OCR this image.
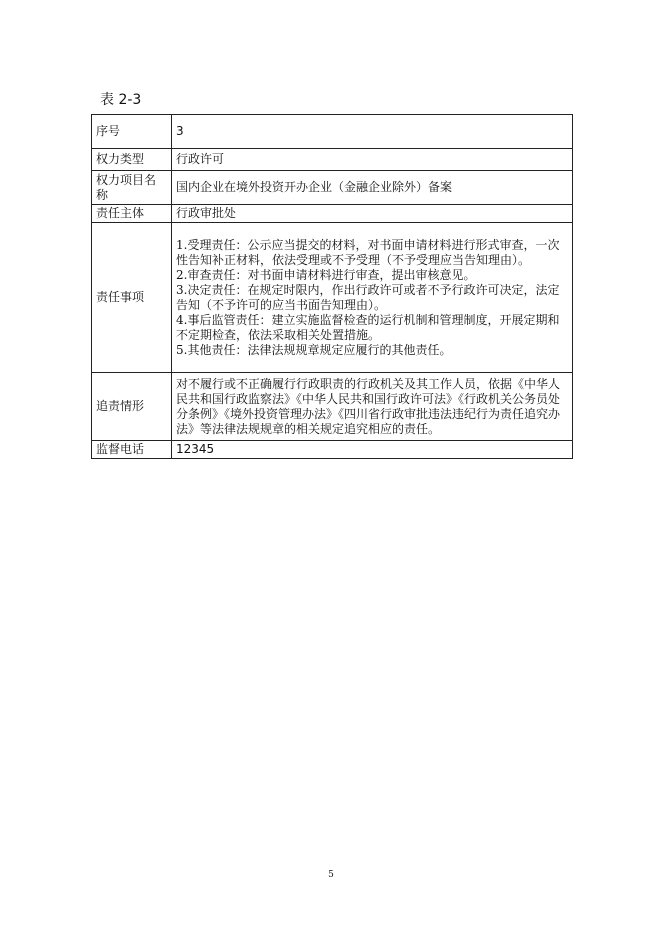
表 2-3
序号	3
权力类型	行政许可
权力项目名称	国内企业在境外投资开办企业（金融企业除外）备案
责任主体	行政审批处
责任事项	1.受理责任：公示应当提交的材料，对书面申请材料进行形式审查，一次性告知补正材料，依法受理或不予受理（不予受理应当告知理由）。
2.审查责任：对书面申请材料进行审查，提出审核意见。
3.决定责任：在规定时限内，作出行政许可或者不予行政许可决定，法定告知（不予许可的应当书面告知理由）。
4.事后监管责任：建立实施监督检查的运行机制和管理制度，开展定期和不定期检查，依法采取相关处置措施。
5.其他责任：法律法规规章规定应履行的其他责任。

追责情形	对不履行或不正确履行行政职责的行政机关及其工作人员，依据《中华人民共和国行政监察法》《中华人民共和国行政许可法》《行政机关公务员处分条例》《境外投资管理办法》《四川省行政审批违法违纪行为责任追究办法》等法律法规规章的相关规定追究相应的责任。
监督电话	12345
5
